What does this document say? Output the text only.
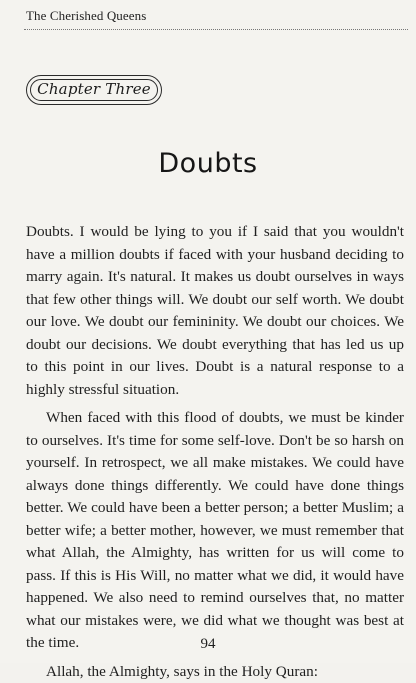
The Cherished Queens
Chapter Three
Doubts

Doubts. I would be lying to you if I said that you wouldn't have a million doubts if faced with your husband deciding to marry again. It's natural. It makes us doubt ourselves in ways that few other things will. We doubt our self worth. We doubt our love. We doubt our femininity. We doubt our choices. We doubt our decisions. We doubt everything that has led us up to this point in our lives. Doubt is a natural response to a highly stressful situation.

When faced with this flood of doubts, we must be kinder to ourselves. It's time for some self-love. Don't be so harsh on yourself. In retrospect, we all make mistakes. We could have always done things differently. We could have done things better. We could have been a better person; a better Muslim; a better wife; a better mother, however, we must remember that what Allah, the Almighty, has written for us will come to pass. If this is His Will, no matter what we did, it would have happened. We also need to remind ourselves that, no matter what our mistakes were, we did what we thought was best at the time.

Allah, the Almighty, says in the Holy Quran:

94
